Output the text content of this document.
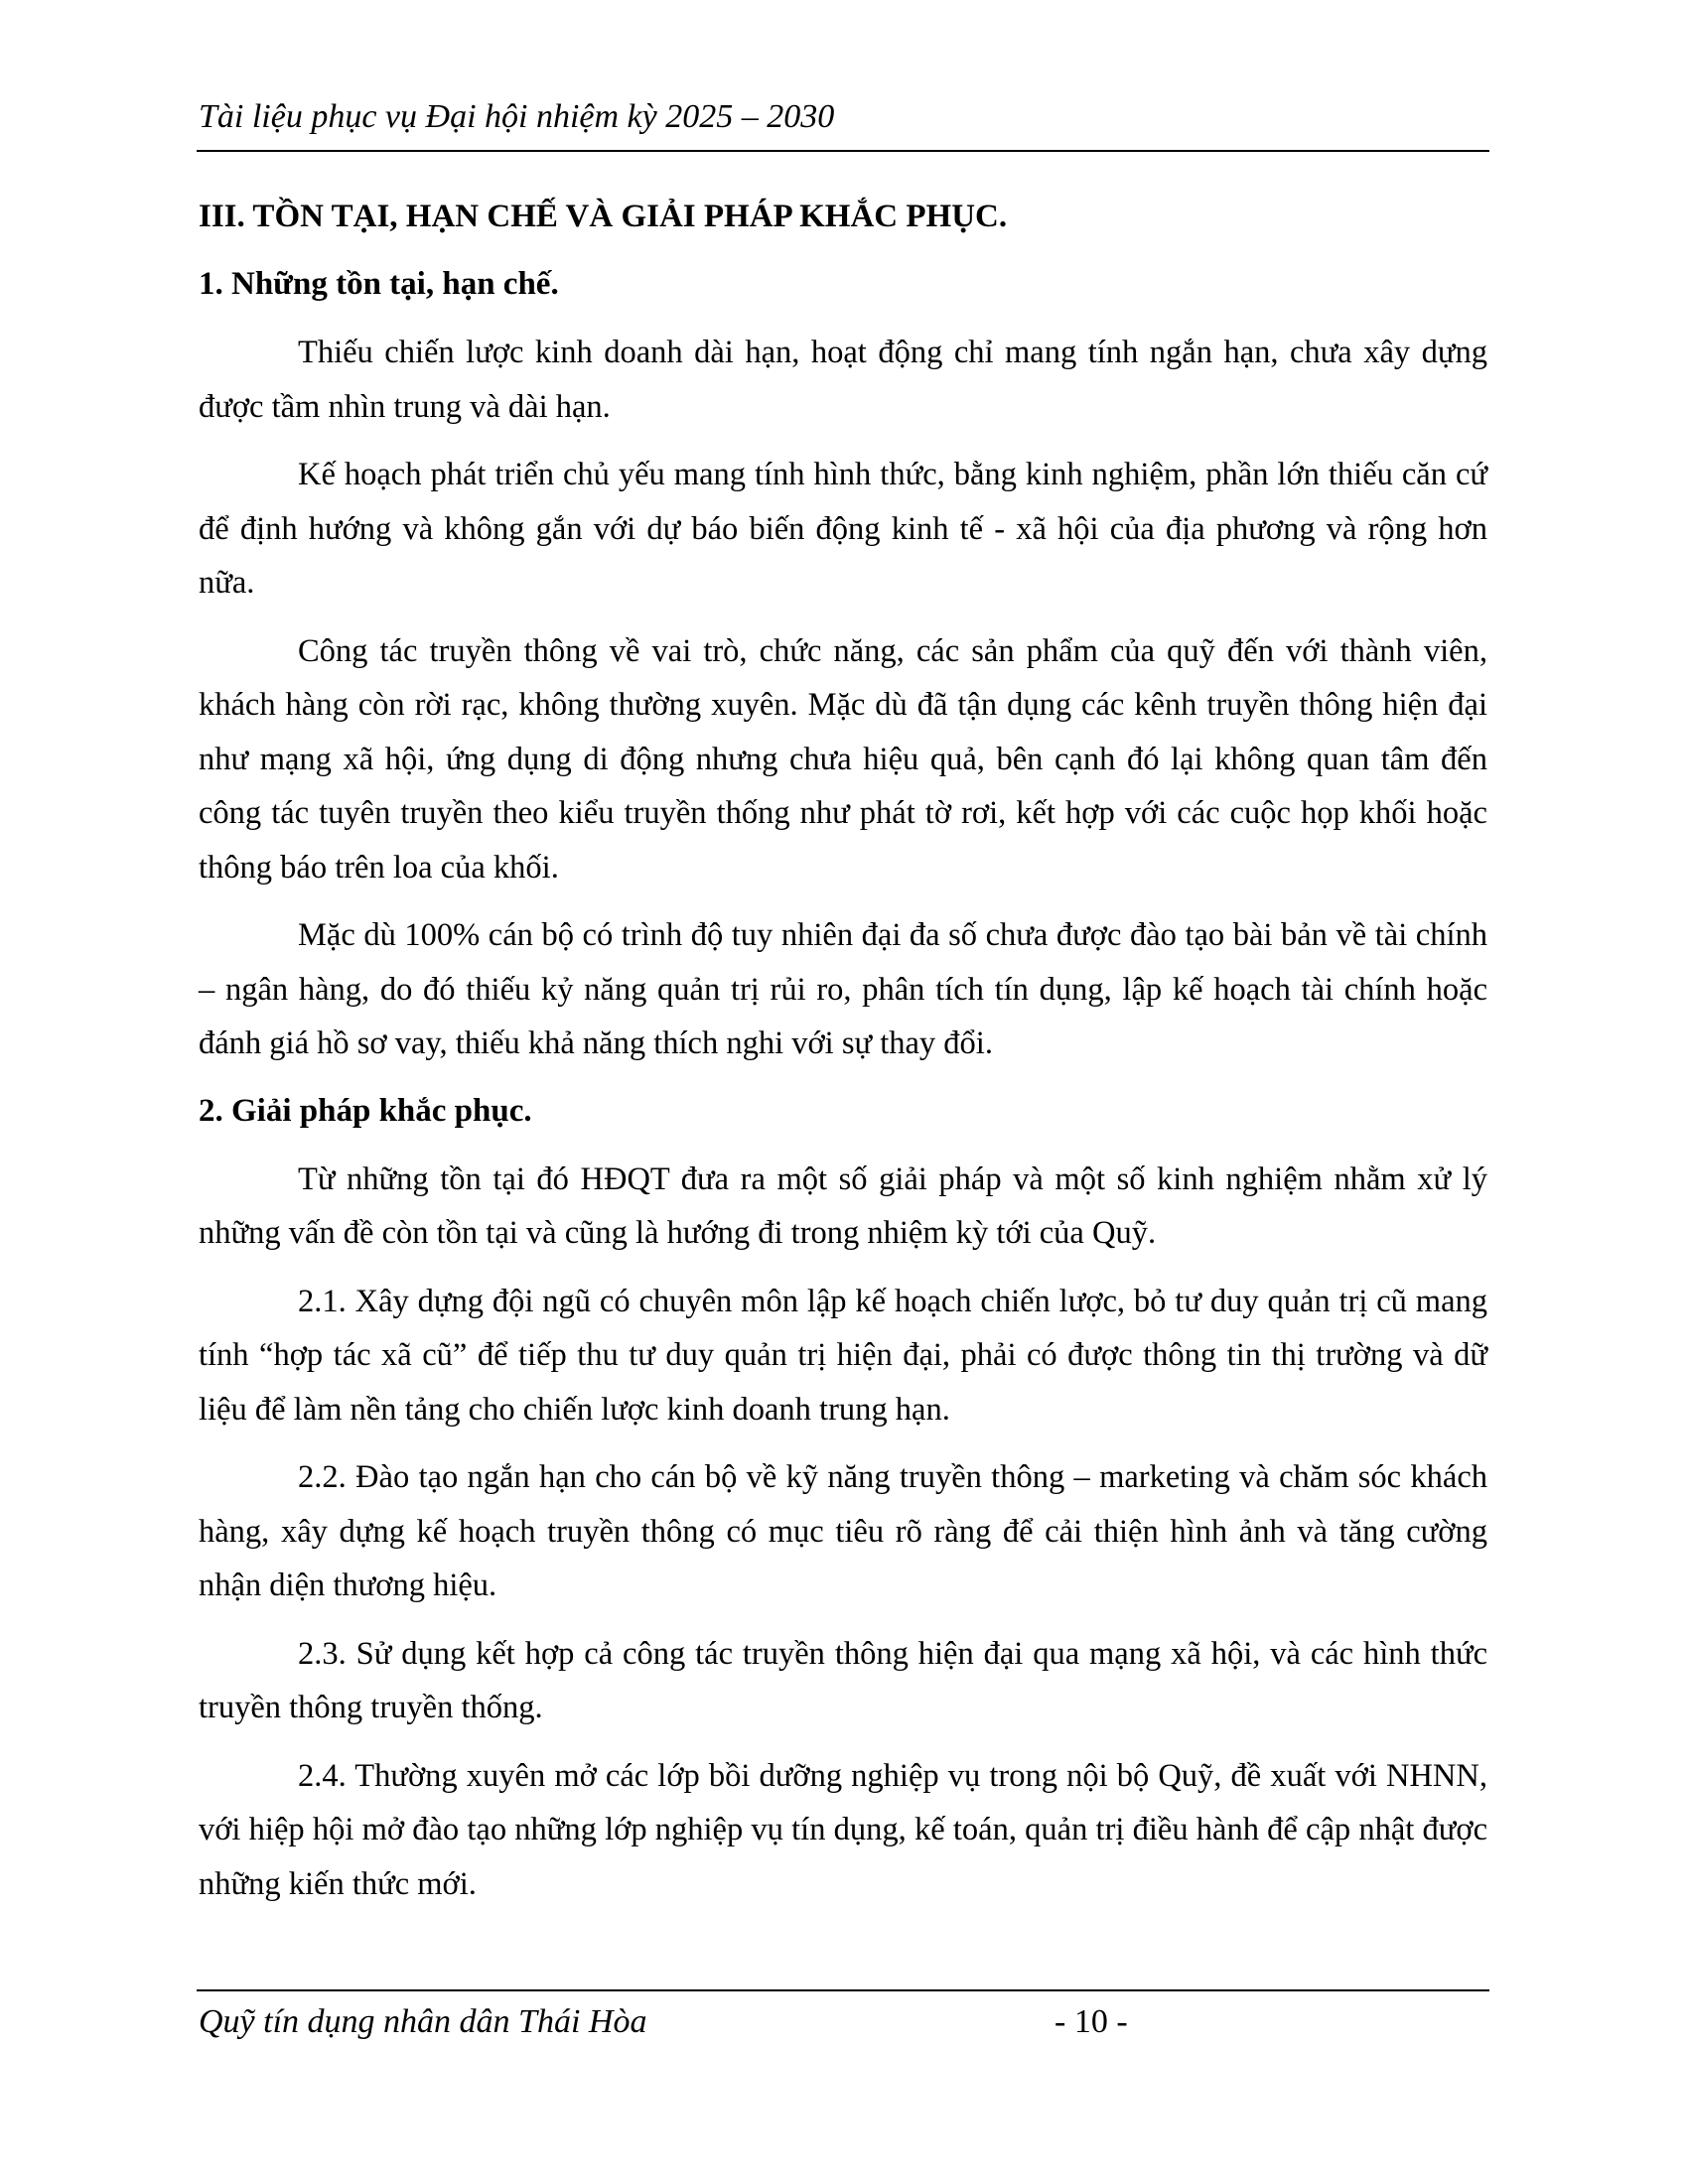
Tài liệu phục vụ Đại hội nhiệm kỳ 2025 – 2030
III. TỒN TẠI, HẠN CHẾ VÀ GIẢI PHÁP KHẮC PHỤC.
1. Những tồn tại, hạn chế.

Thiếu chiến lược kinh doanh dài hạn, hoạt động chỉ mang tính ngắn hạn, chưa xây dựng được tầm nhìn trung và dài hạn.

Kế hoạch phát triển chủ yếu mang tính hình thức, bằng kinh nghiệm, phần lớn thiếu căn cứ để định hướng và không gắn với dự báo biến động kinh tế - xã hội của địa phương và rộng hơn nữa.

Công tác truyền thông về vai trò, chức năng, các sản phẩm của quỹ đến với thành viên, khách hàng còn rời rạc, không thường xuyên. Mặc dù đã tận dụng các kênh truyền thông hiện đại như mạng xã hội, ứng dụng di động nhưng chưa hiệu quả, bên cạnh đó lại không quan tâm đến công tác tuyên truyền theo kiểu truyền thống như phát tờ rơi, kết hợp với các cuộc họp khối hoặc thông báo trên loa của khối.

Mặc dù 100% cán bộ có trình độ tuy nhiên đại đa số chưa được đào tạo bài bản về tài chính – ngân hàng, do đó thiếu kỷ năng quản trị rủi ro, phân tích tín dụng, lập kế hoạch tài chính hoặc đánh giá hồ sơ vay, thiếu khả năng thích nghi với sự thay đổi.

2. Giải pháp khắc phục.

Từ những tồn tại đó HĐQT đưa ra một số giải pháp và một số kinh nghiệm nhằm xử lý những vấn đề còn tồn tại và cũng là hướng đi trong nhiệm kỳ tới của Quỹ.

2.1. Xây dựng đội ngũ có chuyên môn lập kế hoạch chiến lược, bỏ tư duy quản trị cũ mang tính “hợp tác xã cũ” để tiếp thu tư duy quản trị hiện đại, phải có được thông tin thị trường và dữ liệu để làm nền tảng cho chiến lược kinh doanh trung hạn.

2.2. Đào tạo ngắn hạn cho cán bộ về kỹ năng truyền thông – marketing và chăm sóc khách hàng, xây dựng kế hoạch truyền thông có mục tiêu rõ ràng để cải thiện hình ảnh và tăng cường nhận diện thương hiệu.

2.3. Sử dụng kết hợp cả công tác truyền thông hiện đại qua mạng xã hội, và các hình thức truyền thông truyền thống.

2.4. Thường xuyên mở các lớp bồi dưỡng nghiệp vụ trong nội bộ Quỹ, đề xuất với NHNN, với hiệp hội mở đào tạo những lớp nghiệp vụ tín dụng, kế toán, quản trị điều hành để cập nhật được những kiến thức mới.

Quỹ tín dụng nhân dân Thái Hòa	- 10 -
